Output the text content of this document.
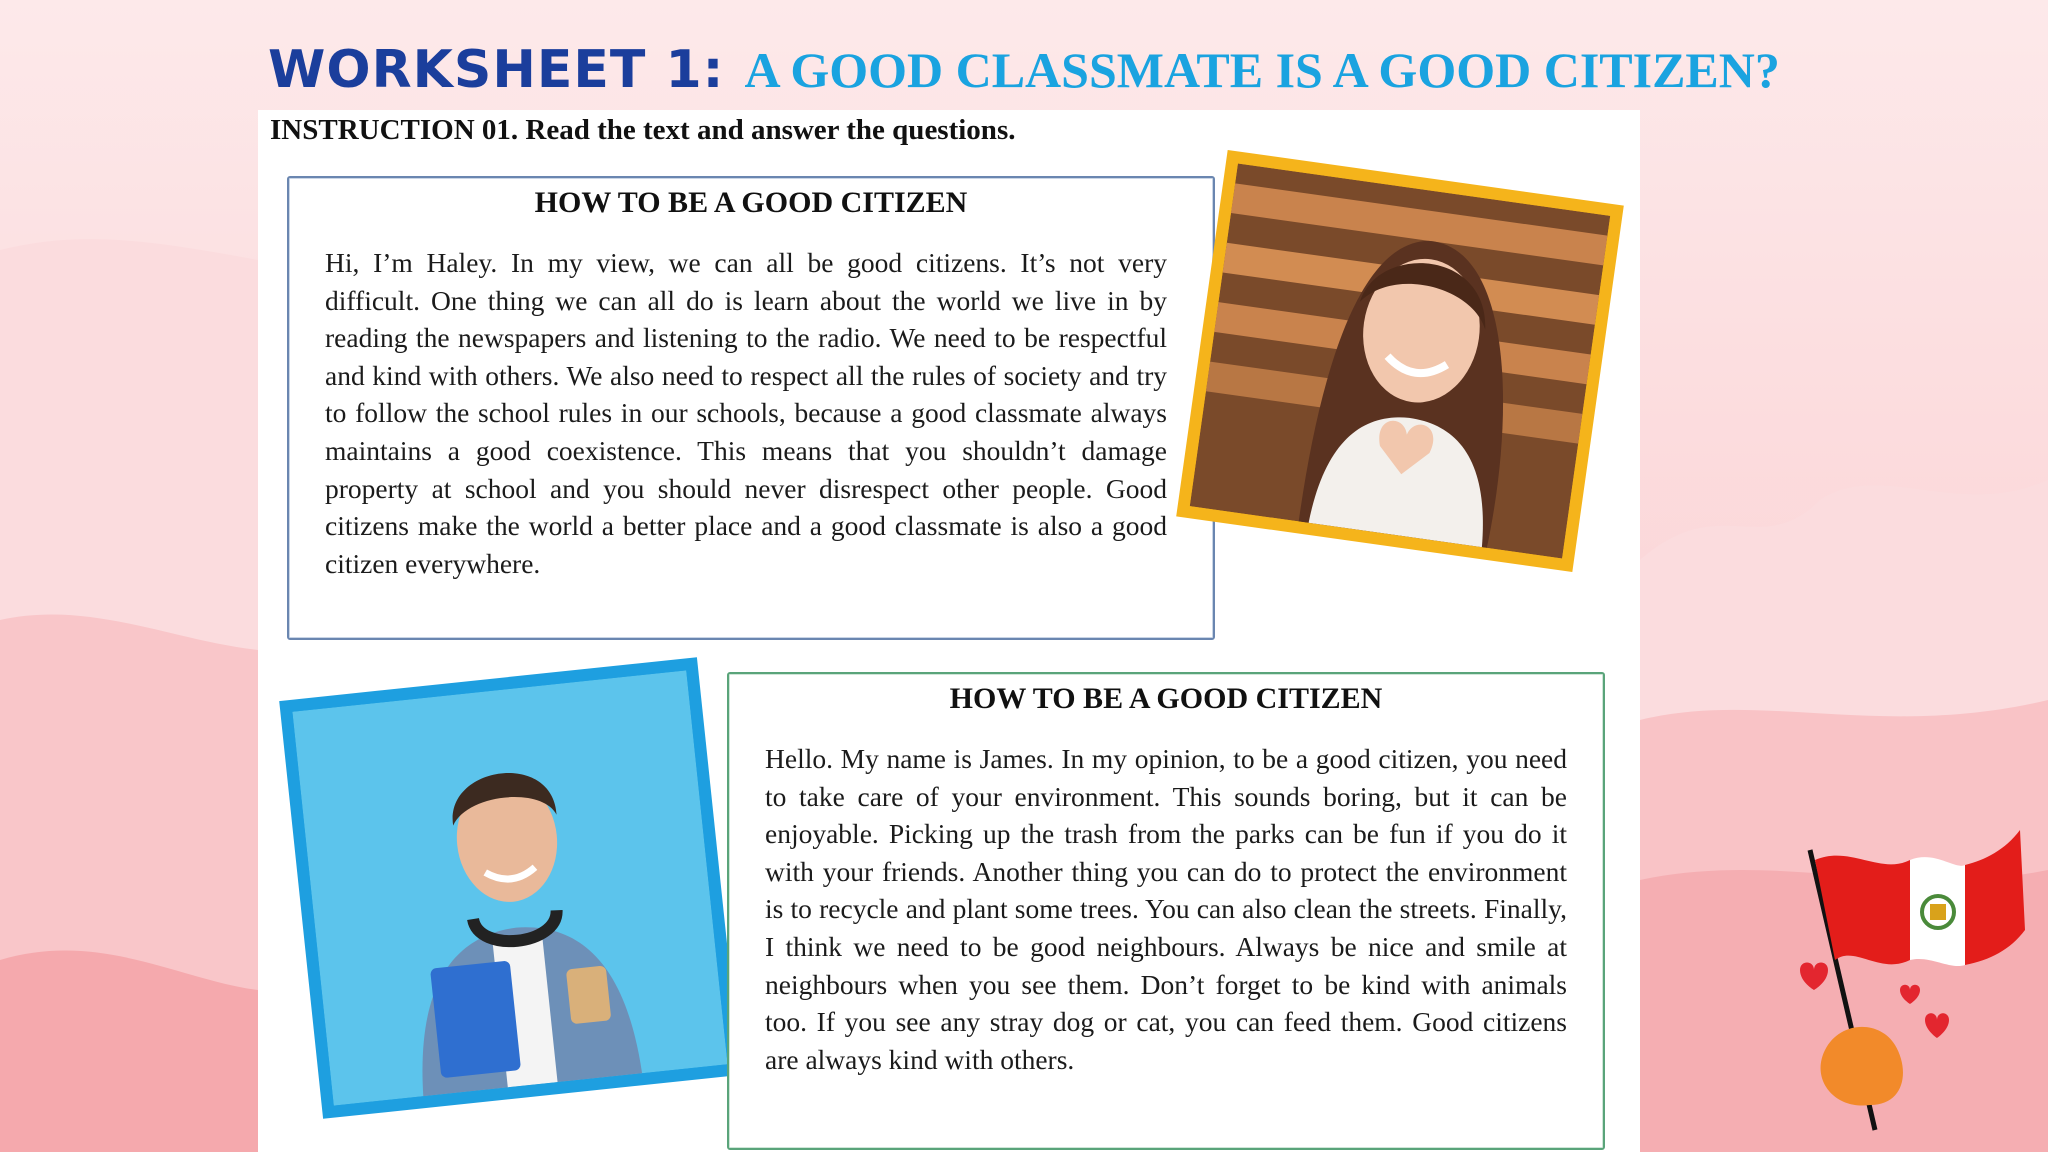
WORKSHEET 1: A GOOD CLASSMATE IS A GOOD CITIZEN?
INSTRUCTION 01. Read the text and answer the questions.
HOW TO BE A GOOD CITIZEN

Hi, I’m Haley. In my view, we can all be good citizens. It’s not very difficult. One thing we can all do is learn about the world we live in by reading the newspapers and listening to the radio. We need to be respectful and kind with others. We also need to respect all the rules of society and try to follow the school rules in our schools, because a good classmate always maintains a good coexistence. This means that you shouldn’t damage property at school and you should never disrespect other people. Good citizens make the world a better place and a good classmate is also a good citizen everywhere.

HOW TO BE A GOOD CITIZEN

Hello. My name is James. In my opinion, to be a good citizen, you need to take care of your environment. This sounds boring, but it can be enjoyable. Picking up the trash from the parks can be fun if you do it with your friends. Another thing you can do to protect the environment is to recycle and plant some trees. You can also clean the streets. Finally, I think we need to be good neighbours. Always be nice and smile at neighbours when you see them. Don’t forget to be kind with animals too. If you see any stray dog or cat, you can feed them. Good citizens are always kind with others.
